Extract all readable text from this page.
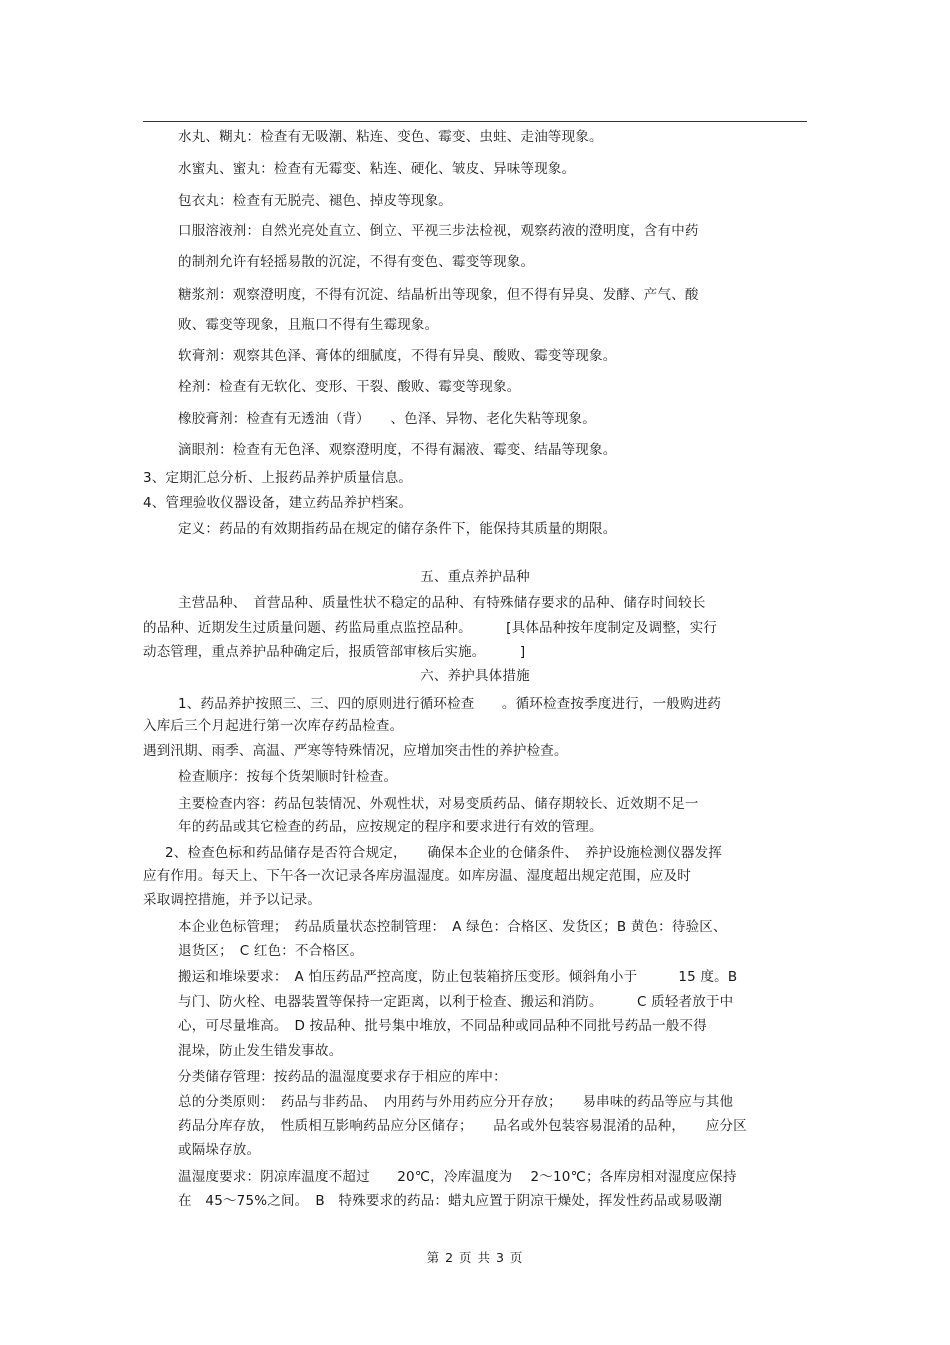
水丸、糊丸：检查有无吸潮、粘连、变色、霉变、虫蛀、走油等现象。
水蜜丸、蜜丸：检查有无霉变、粘连、硬化、皱皮、异味等现象。
包衣丸：检查有无脱壳、褪色、掉皮等现象。
口服溶液剂：自然光亮处直立、倒立、平视三步法检视，观察药液的澄明度，含有中药
的制剂允许有轻摇易散的沉淀，不得有变色、霉变等现象。
糖浆剂：观察澄明度，不得有沉淀、结晶析出等现象，但不得有异臭、发酵、产气、酸
败、霉变等现象，且瓶口不得有生霉现象。
软膏剂：观察其色泽、膏体的细腻度，不得有异臭、酸败、霉变等现象。
栓剂：检查有无软化、变形、干裂、酸败、霉变等现象。
橡胶膏剂：检查有无透油（背）　　、色泽、异物、老化失粘等现象。
滴眼剂：检查有无色泽、观察澄明度，不得有漏液、霉变、结晶等现象。
3、定期汇总分析、上报药品养护质量信息。
4、管理验收仪器设备，建立药品养护档案。
定义：药品的有效期指药品在规定的储存条件下，能保持其质量的期限。
五、重点养护品种
主营品种、　首营品种、质量性状不稳定的品种、有特殊储存要求的品种、储存时间较长
的品种、近期发生过质量问题、药监局重点监控品种。　　　[具体品种按年度制定及调整，实行
动态管理，重点养护品种确定后，报质管部审核后实施。　　　]
六、养护具体措施
1、药品养护按照三、三、四的原则进行循环检查　　。循环检查按季度进行，一般购进药
入库后三个月起进行第一次库存药品检查。
遇到汛期、雨季、高温、严寒等特殊情况，应增加突击性的养护检查。
检查顺序：按每个货架顺时针检查。
主要检查内容：药品包装情况、外观性状，对易变质药品、储存期较长、近效期不足一
年的药品或其它检查的药品，应按规定的程序和要求进行有效的管理。
2、检查色标和药品储存是否符合规定，　　确保本企业的仓储条件、　养护设施检测仪器发挥
应有作用。每天上、下午各一次记录各库房温湿度。如库房温、湿度超出规定范围，应及时
采取调控措施，并予以记录。
本企业色标管理；　药品质量状态控制管理：　A 绿色：合格区、发货区；B 黄色：待验区、
退货区；　C 红色：不合格区。
搬运和堆垛要求：　A 怕压药品严控高度，防止包装箱挤压变形。倾斜角小于　　　15 度。B
与门、防火栓、电器装置等保持一定距离，以利于检查、搬运和消防。　　　C 质轻者放于中
心，可尽量堆高。　D 按品种、批号集中堆放，不同品种或同品种不同批号药品一般不得
混垛，防止发生错发事故。
分类储存管理：按药品的温湿度要求存于相应的库中：
总的分类原则：　药品与非药品、　内用药与外用药应分开存放；　　易串味的药品等应与其他
药品分库存放，　性质相互影响药品应分区储存；　　品名或外包装容易混淆的品种，　　应分区
或隔垛存放。
温湿度要求：阴凉库温度不超过　　20℃，冷库温度为　 2～10℃；各库房相对湿度应保持
在　45～75%之间。　B　特殊要求的药品：蜡丸应置于阴凉干燥处，挥发性药品或易吸潮
第 2 页 共 3 页
